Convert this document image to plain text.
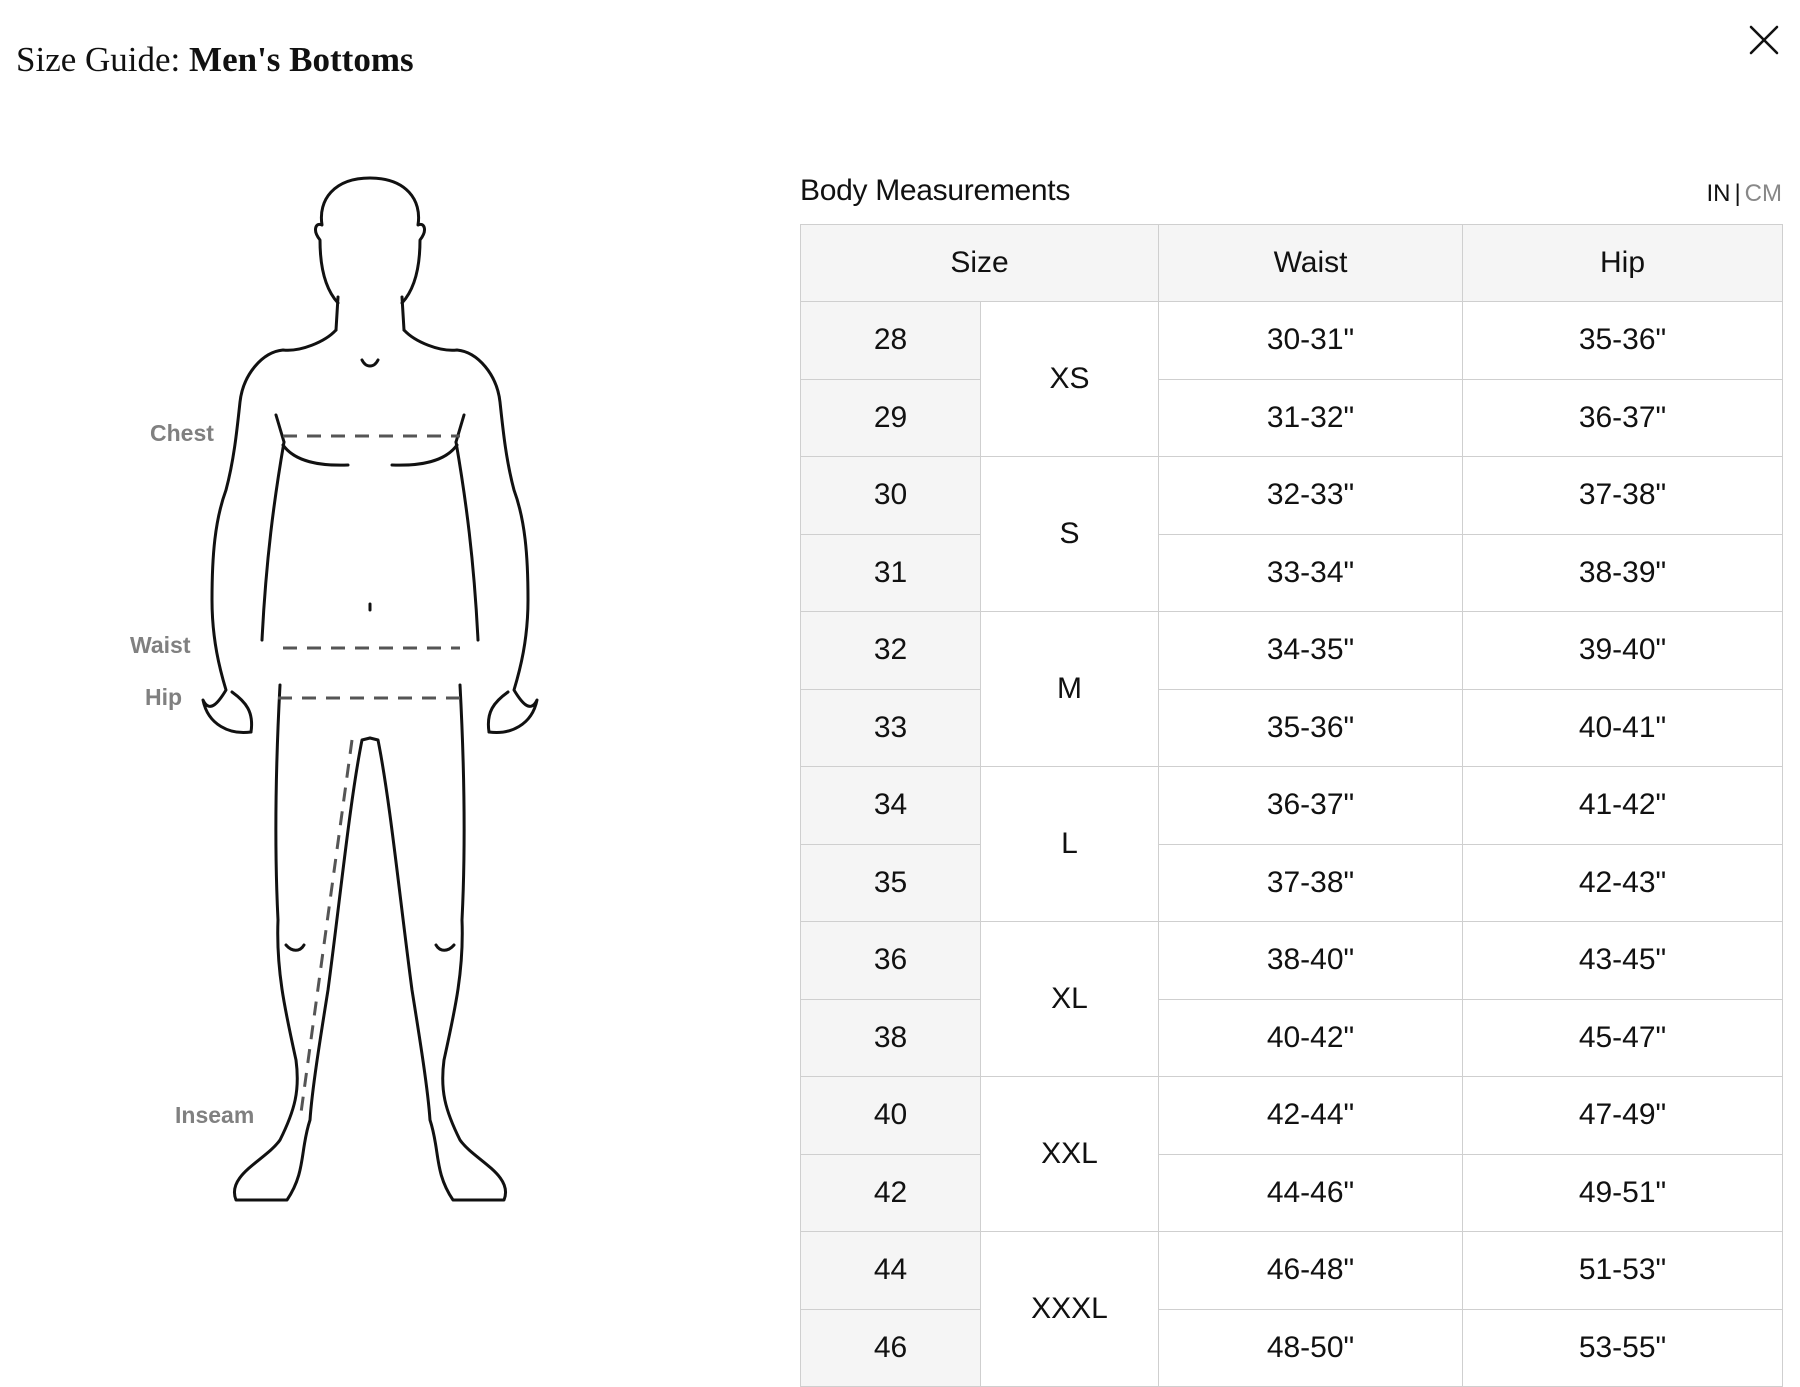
Size Guide: Men's Bottoms
Chest
Waist
Hip
Inseam
Body Measurements	IN | CM
Size		Waist	Hip
28	XS	30-31"	35-36"
29		31-32"	36-37"
30	S	32-33"	37-38"
31		33-34"	38-39"
32	M	34-35"	39-40"
33		35-36"	40-41"
34	L	36-37"	41-42"
35		37-38"	42-43"
36	XL	38-40"	43-45"
38		40-42"	45-47"
40	XXL	42-44"	47-49"
42		44-46"	49-51"
44	XXXL	46-48"	51-53"
46		48-50"	53-55"
